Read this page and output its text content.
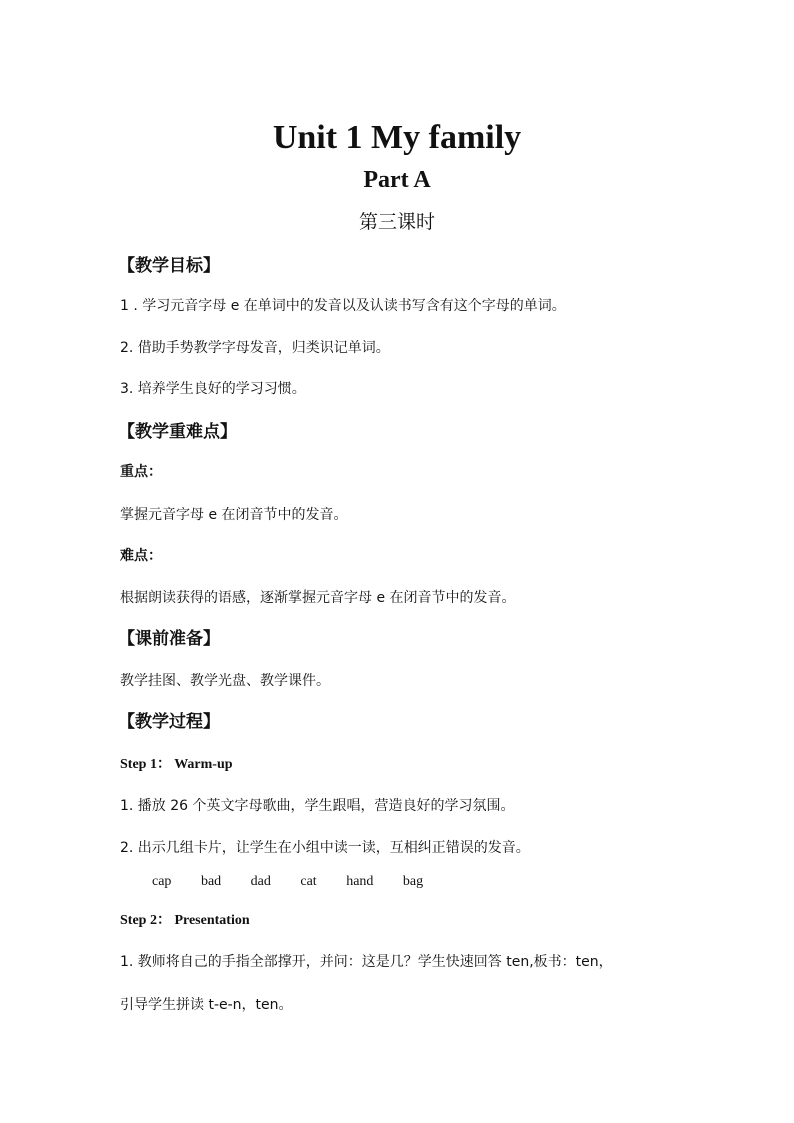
Unit 1 My family
Part A
第三课时
【教学目标】
1 . 学习元音字母 e 在单词中的发音以及认读书写含有这个字母的单词。
2. 借助手势教学字母发音，归类识记单词。
3. 培养学生良好的学习习惯。
【教学重难点】
重点：
掌握元音字母 e 在闭音节中的发音。
难点：
根据朗读获得的语感，逐渐掌握元音字母 e 在闭音节中的发音。
【课前准备】
教学挂图、教学光盘、教学课件。
【教学过程】
Step 1： Warm-up
1. 播放 26 个英文字母歌曲，学生跟唱，营造良好的学习氛围。
2. 出示几组卡片，让学生在小组中读一读，互相纠正错误的发音。
cap bad dad cat hand bag
Step 2： Presentation
1. 教师将自己的手指全部撑开，并问：这是几？学生快速回答 ten,板书：ten，
引导学生拼读 t-e-n，ten。
